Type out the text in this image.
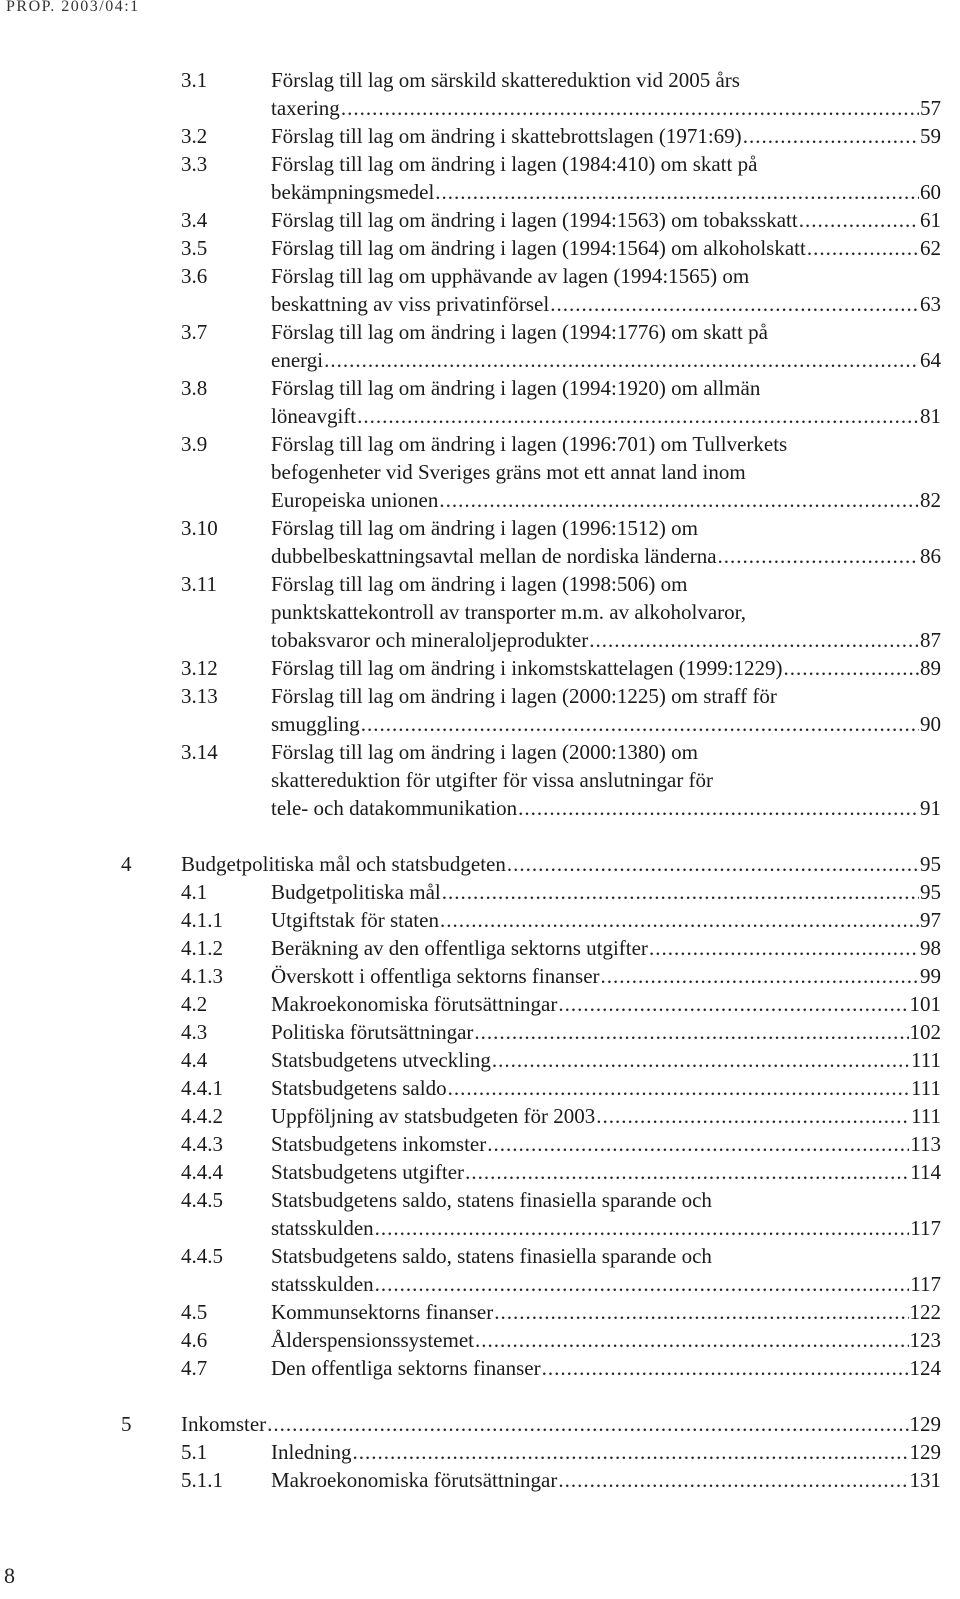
PROP. 2003/04:1
3.1	Förslag till lag om särskild skattereduktion vid 2005 års
taxering .....	57
3.2	Förslag till lag om ändring i skattebrottslagen (1971:69) .....	59
3.3	Förslag till lag om ändring i lagen (1984:410) om skatt på
bekämpningsmedel .....	60
3.4	Förslag till lag om ändring i lagen (1994:1563) om tobaksskatt .....	61
3.5	Förslag till lag om ändring i lagen (1994:1564) om alkoholskatt .....	62
3.6	Förslag till lag om upphävande av lagen (1994:1565) om
beskattning av viss privatinförsel .....	63
3.7	Förslag till lag om ändring i lagen (1994:1776) om skatt på
energi .....	64
3.8	Förslag till lag om ändring i lagen (1994:1920) om allmän
löneavgift .....	81
3.9	Förslag till lag om ändring i lagen (1996:701) om Tullverkets
befogenheter vid Sveriges gräns mot ett annat land inom
Europeiska unionen .....	82
3.10	Förslag till lag om ändring i lagen (1996:1512) om
dubbelbeskattningsavtal mellan de nordiska länderna .....	86
3.11	Förslag till lag om ändring i lagen (1998:506) om
punktskattekontroll av transporter m.m. av alkoholvaror,
tobaksvaror och mineraloljeprodukter .....	87
3.12	Förslag till lag om ändring i inkomstskattelagen (1999:1229) .....	89
3.13	Förslag till lag om ändring i lagen (2000:1225) om straff för
smuggling .....	90
3.14	Förslag till lag om ändring i lagen (2000:1380) om
skattereduktion för utgifter för vissa anslutningar för
tele- och datakommunikation .....	91
4 Budgetpolitiska mål och statsbudgeten .....	95
4.1	Budgetpolitiska mål .....	95
4.1.1 Utgiftstak för staten .....	97
4.1.2 Beräkning av den offentliga sektorns utgifter .....	98
4.1.3 Överskott i offentliga sektorns finanser .....	99
4.2	Makroekonomiska förutsättningar .....	101
4.3	Politiska förutsättningar .....	102
4.4	Statsbudgetens utveckling .....	111
4.4.1 Statsbudgetens saldo .....	111
4.4.2 Uppföljning av statsbudgeten för 2003 .....	111
4.4.3 Statsbudgetens inkomster .....	113
4.4.4 Statsbudgetens utgifter .....	114
4.4.5 Statsbudgetens saldo, statens finasiella sparande och
statsskulden .....	117
4.4.5 Statsbudgetens saldo, statens finasiella sparande och
statsskulden .....	117
4.5	Kommunsektorns finanser .....	122
4.6	Ålderspensionssystemet .....	123
4.7	Den offentliga sektorns finanser .....	124
5 Inkomster .....	129
5.1	Inledning .....	129
5.1.1 Makroekonomiska förutsättningar .....	131
8
